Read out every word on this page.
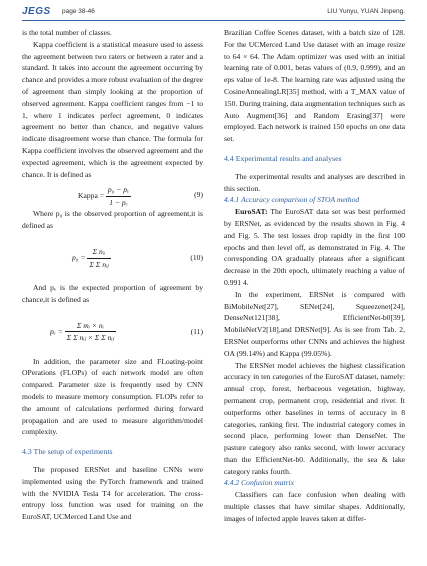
JEGS page 38-46	LIU Yunyu, YUAN Jinpeng.

is the total number of classes.

Kappa coefficient is a statistical measure used to assess the agreement between two raters or between a rater and a standard. It takes into account the agreement occurring by chance and provides a more robust evaluation of the degree of agreement than simply looking at the proportion of observed agreement. Kappa coefficient ranges from −1 to 1, where 1 indicates perfect agreement, 0 indicates agreement no better than chance, and negative values indicate disagreement worse than chance. The formula for Kappa coefficient involves the observed agreement and the expected agreement, which is the agreement expected by chance. It is defined as

Kappa = $\frac{\text{p₀ − pₑ}}{\text{1 − pₑ}}$	(9)

Where p₀ is the observed proportion of agreement,it is defined as

$p_0 = \frac{\text{Σ nᵢᵢ}}{\text{Σ Σ nᵢⱼ}}$	(10)

And pₑ is the expected proportion of agreement by chance,it is defined as

$p_e = \frac{\text{Σ mᵢ × nᵢ}}{\text{Σ Σ nᵢⱼ × Σ Σ nᵢⱼ}}$	(11)

In addition, the parameter size and FLoating-point OPerations (FLOPs) of each network model are often compared. Parameter size is frequently used by CNN models to measure memory consumption. FLOPs refer to the amount of calculations performed during forward propagation and are used to measure algorithm/model complexity.

4.3 The setup of experiments

The proposed ERSNet and baseline CNNs were implemented using the PyTorch framework and trained with the NVIDIA Tesla T4 for acceleration. The cross-entropy loss function was used for training on the EuroSAT, UCMerced Land Use and

Brazilian Coffee Scenes dataset, with a batch size of 128. For the UCMerced Land Use dataset with an image resize to 64 × 64. The Adam optimizer was used with an initial learning rate of 0.001, betas values of (0.9, 0.999), and an eps value of 1e-8. The learning rate was adjusted using the CosineAnnealingLR[35] method, with a T_MAX value of 150. During training, data augmentation techniques such as Auto Augment[36] and Random Erasing[37] were employed. Each network is trained 150 epochs on one data set.

4.4 Experimental results and analyses

The experimental results and analyses are described in this section.

4.4.1 Accuracy comparison of STOA method

EuroSAT: The EuroSAT data set was best performed by ERSNet, as evidenced by the results shown in Fig. 4 and Fig. 5. The test losses drop rapidly in the first 100 epochs and then level off, as demonstrated in Fig. 4. The corresponding OA gradually plateaus after a significant decrease in the 20th epoch, ultimately reaching a value of 0.991 4.

In the experiment, ERSNet is compared with BiMobileNet[27], SENet[24], Squeezenet[24], DenseNet121[38], EfficientNet-b0[39], MobileNetV2[18],and DRSNet[9]. As is see from Tab. 2, ERSNet outperforms other CNNs and achieves the highest OA (99.14%) and Kappa (99.05%).

The ERSNet model achieves the highest classification accuracy in ten categories of the EuroSAT dataset, namely: annual crop, forest, herbaceous vegetation, highway, permanent crop, permanent crop, residential and river. It outperforms other baselines in terms of accuracy in 8 categories, ranking first. The industrial category comes in second place, performing lower than DenseNet. The pasture category also ranks second, with lower accuracy than the EfficientNet-b0. Additionally, the sea & lake category ranks fourth.

4.4.2 Confusion matrix

Classifiers can face confusion when dealing with multiple classes that have similar shapes. Additionally, images of infected apple leaves taken at differ-
